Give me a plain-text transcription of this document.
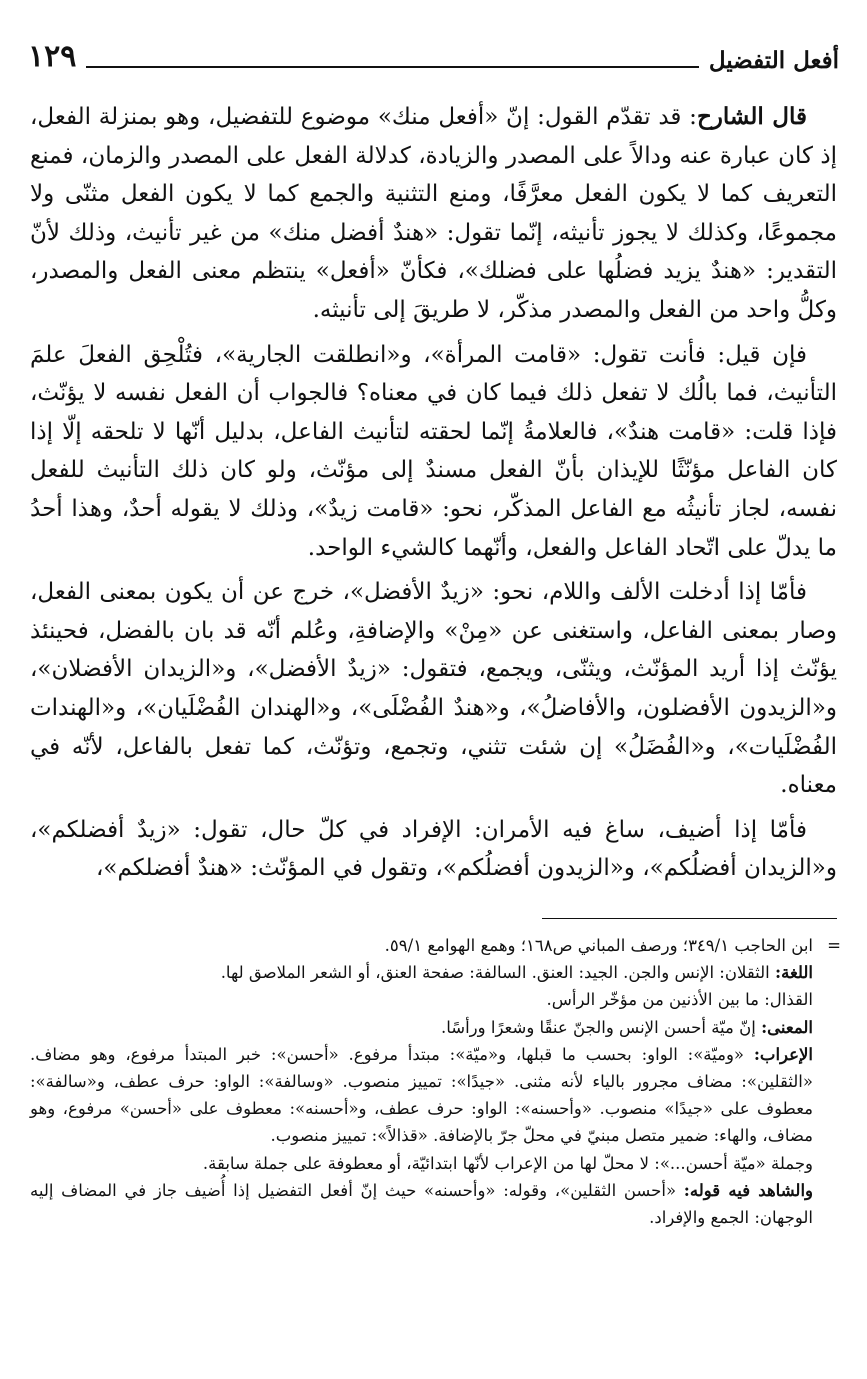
أفعل التفضيل
١٢٩

قال الشارح: قد تقدّم القول: إنّ «أفعل منك» موضوع للتفضيل، وهو بمنزلة الفعل، إذ كان عبارة عنه ودالاً على المصدر والزيادة، كدلالة الفعل على المصدر والزمان، فمنع التعريف كما لا يكون الفعل معرَّفًا، ومنع التثنية والجمع كما لا يكون الفعل مثنّى ولا مجموعًا، وكذلك لا يجوز تأنيثه، إنّما تقول: «هندٌ أفضل منك» من غير تأنيث، وذلك لأنّ التقدير: «هندٌ يزيد فضلُها على فضلك»، فكأنّ «أفعل» ينتظم معنى الفعل والمصدر، وكلُّ واحد من الفعل والمصدر مذكّر، لا طريقَ إلى تأنيثه.

فإن قيل: فأنت تقول: «قامت المرأة»، و«انطلقت الجارية»، فتُلْحِق الفعلَ علمَ التأنيث، فما بالُك لا تفعل ذلك فيما كان في معناه؟ فالجواب أن الفعل نفسه لا يؤنّث، فإذا قلت: «قامت هندٌ»، فالعلامةُ إنّما لحقته لتأنيث الفاعل، بدليل أنّها لا تلحقه إلّا إذا كان الفاعل مؤنّثًا للإيذان بأنّ الفعل مسندٌ إلى مؤنّث، ولو كان ذلك التأنيث للفعل نفسه، لجاز تأنيثُه مع الفاعل المذكّر، نحو: «قامت زيدٌ»، وذلك لا يقوله أحدٌ، وهذا أحدُ ما يدلّ على اتّحاد الفاعل والفعل، وأنّهما كالشيء الواحد.

فأمّا إذا أدخلت الألف واللام، نحو: «زيدٌ الأفضل»، خرج عن أن يكون بمعنى الفعل، وصار بمعنى الفاعل، واستغنى عن «مِنْ» والإضافةِ، وعُلم أنّه قد بان بالفضل، فحينئذ يؤنّث إذا أريد المؤنّث، ويثنّى، ويجمع، فتقول: «زيدٌ الأفضل»، و«الزيدان الأفضلان»، و«الزيدون الأفضلون، والأفاضلُ»، و«هندٌ الفُضْلَى»، و«الهندان الفُضْلَيان»، و«الهندات الفُضْلَيات»، و«الفُضَلُ» إن شئت تثني، وتجمع، وتؤنّث، كما تفعل بالفاعل، لأنّه في معناه.

فأمّا إذا أضيف، ساغ فيه الأمران: الإفراد في كلّ حال، تقول: «زيدٌ أفضلكم»، و«الزيدان أفضلُكم»، و«الزيدون أفضلُكم»، وتقول في المؤنّث: «هندٌ أفضلكم»،

=
ابن الحاجب ٣٤٩/١؛ ورصف المباني ص١٦٨؛ وهمع الهوامع ٥٩/١.

اللغة: الثقلان: الإنس والجن. الجيد: العنق. السالفة: صفحة العنق، أو الشعر الملاصق لها.

القذال: ما بين الأذنين من مؤخّر الرأس.

المعنى: إنّ ميّة أحسن الإنس والجنّ عنقًا وشعرًا ورأسًا.

الإعراب: «وميّة»: الواو: بحسب ما قبلها، و«ميّة»: مبتدأ مرفوع. «أحسن»: خبر المبتدأ مرفوع، وهو مضاف. «الثقلين»: مضاف مجرور بالياء لأنه مثنى. «جيدًا»: تمييز منصوب. «وسالفة»: الواو: حرف عطف، و«سالفة»: معطوف على «جيدًا» منصوب. «وأحسنه»: الواو: حرف عطف، و«أحسنه»: معطوف على «أحسن» مرفوع، وهو مضاف، والهاء: ضمير متصل مبنيّ في محلّ جرّ بالإضافة. «قذالاً»: تمييز منصوب.

وجملة «ميّة أحسن...»: لا محلّ لها من الإعراب لأنّها ابتدائيّة، أو معطوفة على جملة سابقة.

والشاهد فيه قوله: «أحسن الثقلين»، وقوله: «وأحسنه» حيث إنّ أفعل التفضيل إذا أُضيف جاز في المضاف إليه الوجهان: الجمع والإفراد.
